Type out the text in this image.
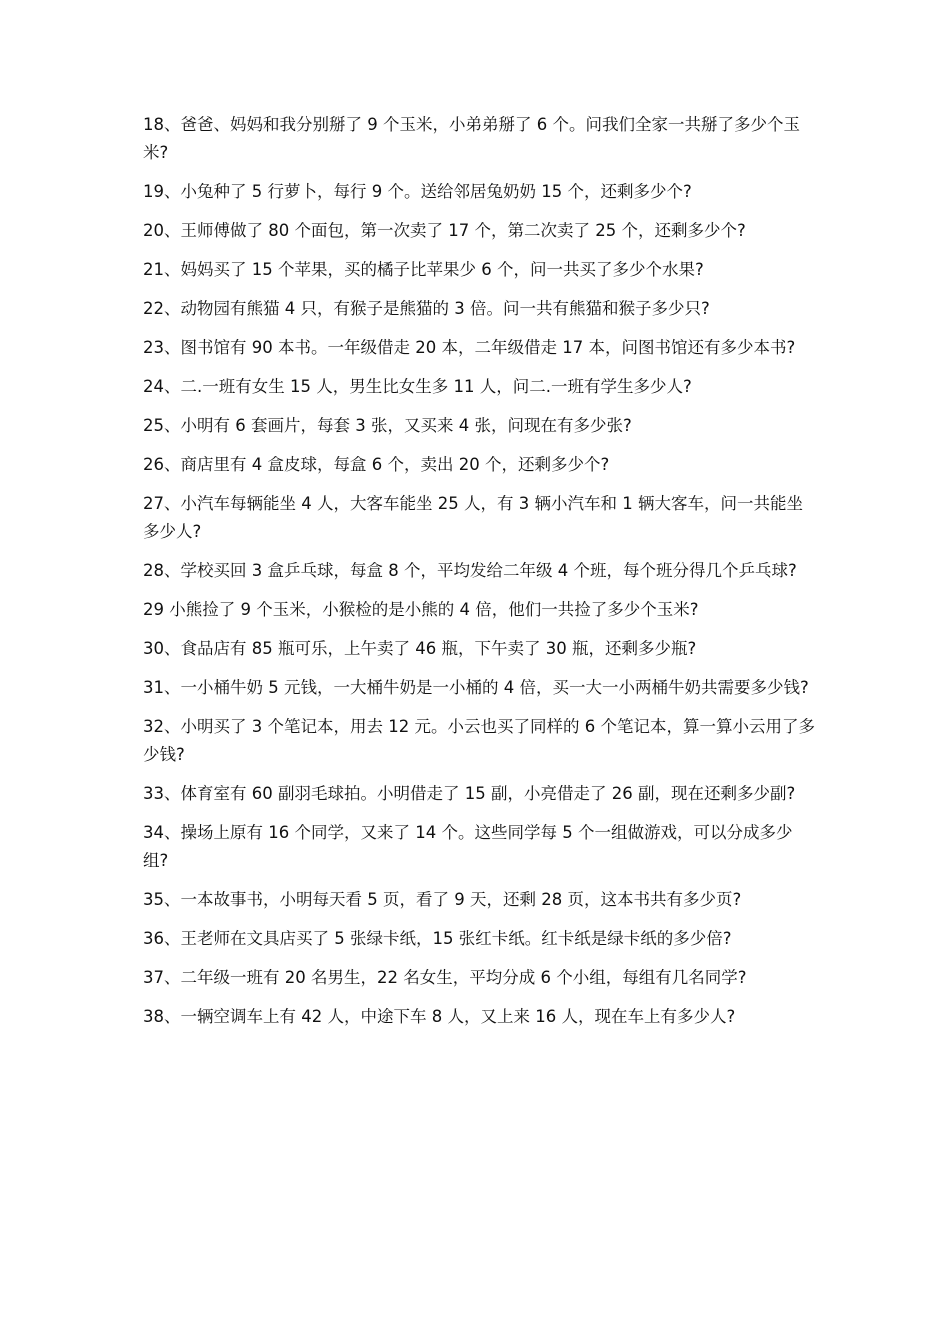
18、爸爸、妈妈和我分别掰了 9 个玉米，小弟弟掰了 6 个。问我们全家一共掰了多少个玉米?
19、小兔种了 5 行萝卜，每行 9 个。送给邻居兔奶奶 15 个，还剩多少个?
20、王师傅做了 80 个面包，第一次卖了 17 个，第二次卖了 25 个，还剩多少个?
21、妈妈买了 15 个苹果，买的橘子比苹果少 6 个，问一共买了多少个水果?
22、动物园有熊猫 4 只，有猴子是熊猫的 3 倍。问一共有熊猫和猴子多少只?
23、图书馆有 90 本书。一年级借走 20 本，二年级借走 17 本，问图书馆还有多少本书?
24、二.一班有女生 15 人，男生比女生多 11 人，问二.一班有学生多少人?
25、小明有 6 套画片，每套 3 张，又买来 4 张，问现在有多少张?
26、商店里有 4 盒皮球，每盒 6 个，卖出 20 个，还剩多少个?
27、小汽车每辆能坐 4 人，大客车能坐 25 人，有 3 辆小汽车和 1 辆大客车，问一共能坐多少人?
28、学校买回 3 盒乒乓球，每盒 8 个，平均发给二年级 4 个班，每个班分得几个乒乓球?
29 小熊捡了 9 个玉米，小猴检的是小熊的 4 倍，他们一共捡了多少个玉米?
30、食品店有 85 瓶可乐，上午卖了 46 瓶，下午卖了 30 瓶，还剩多少瓶?
31、一小桶牛奶 5 元钱，一大桶牛奶是一小桶的 4 倍，买一大一小两桶牛奶共需要多少钱?
32、小明买了 3 个笔记本，用去 12 元。小云也买了同样的 6 个笔记本，算一算小云用了多少钱?
33、体育室有 60 副羽毛球拍。小明借走了 15 副，小亮借走了 26 副，现在还剩多少副?
34、操场上原有 16 个同学，又来了 14 个。这些同学每 5 个一组做游戏，可以分成多少组?
35、一本故事书，小明每天看 5 页，看了 9 天，还剩 28 页，这本书共有多少页?
36、王老师在文具店买了 5 张绿卡纸，15 张红卡纸。红卡纸是绿卡纸的多少倍?
37、二年级一班有 20 名男生，22 名女生，平均分成 6 个小组，每组有几名同学?
38、一辆空调车上有 42 人，中途下车 8 人，又上来 16 人，现在车上有多少人?
